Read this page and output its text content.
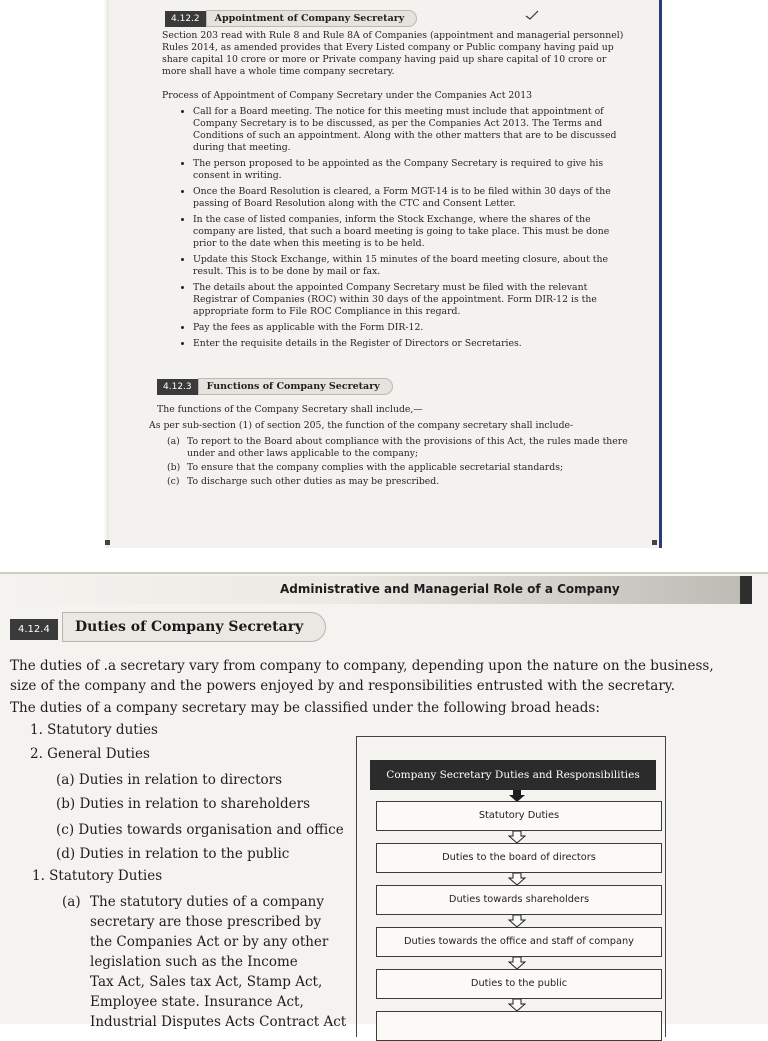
4.12.2	Appointment of Company Secretary
Section 203 read with Rule 8 and Rule 8A of Companies (appointment and managerial personnel) Rules 2014, as amended provides that Every Listed company or Public company having paid up share capital 10 crore or more or Private company having paid up share capital of 10 crore or more shall have a whole time company secretary.
Process of Appointment of Company Secretary under the Companies Act 2013
• Call for a Board meeting. The notice for this meeting must include that appointment of Company Secretary is to be discussed, as per the Companies Act 2013. The Terms and Conditions of such an appointment. Along with the other matters that are to be discussed during that meeting.
• The person proposed to be appointed as the Company Secretary is required to give his consent in writing.
• Once the Board Resolution is cleared, a Form MGT-14 is to be filed within 30 days of the passing of Board Resolution along with the CTC and Consent Letter.
• In the case of listed companies, inform the Stock Exchange, where the shares of the company are listed, that such a board meeting is going to take place. This must be done prior to the date when this meeting is to be held.
• Update this Stock Exchange, within 15 minutes of the board meeting closure, about the result. This is to be done by mail or fax.
• The details about the appointed Company Secretary must be filed with the relevant Registrar of Companies (ROC) within 30 days of the appointment. Form DIR-12 is the appropriate form to File ROC Compliance in this regard.
• Pay the fees as applicable with the Form DIR-12.
• Enter the requisite details in the Register of Directors or Secretaries.
4.12.3	Functions of Company Secretary
The functions of the Company Secretary shall include,—
As per sub-section (1) of section 205, the function of the company secretary shall include-
(a) To report to the Board about compliance with the provisions of this Act, the rules made there under and other laws applicable to the company;
(b) To ensure that the company complies with the applicable secretarial standards;
(c) To discharge such other duties as may be prescribed.
Administrative and Managerial Role of a Company
4.12.4	Duties of Company Secretary
The duties of .a secretary vary from company to company, depending upon the nature on the business,
size of the company and the powers enjoyed by and responsibilities entrusted with the secretary.
The duties of a company secretary may be classified under the following broad heads:
1. Statutory duties
2. General Duties
(a) Duties in relation to directors
(b) Duties in relation to shareholders
(c) Duties towards organisation and office
(d) Duties in relation to the public
1. Statutory Duties
(a) The statutory duties of a company
secretary are those prescribed by
the Companies Act or by any other
legislation such as the Income
Tax Act, Sales tax Act, Stamp Act,
Employee state. Insurance Act,
Industrial Disputes Acts Contract Act
Company Secretary Duties and Responsibilities
Statutory Duties
Duties to the board of directors
Duties towards shareholders
Duties towards the office and staff of company
Duties to the public
